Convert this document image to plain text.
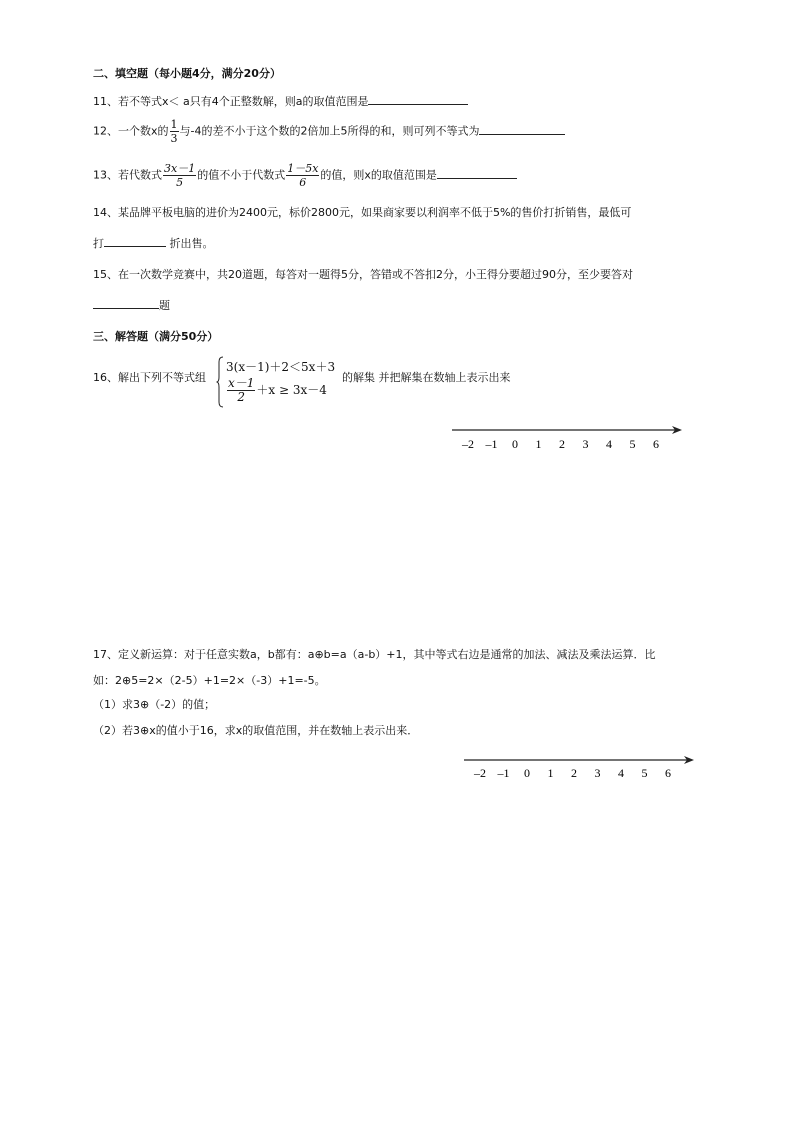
二、填空题（每小题4分，满分20分）
11、若不等式x＜ a只有4个正整数解，则a的取值范围是
12、一个数x的 $\frac{1}{3}$ 与-4的差不小于这个数的2倍加上5所得的和，则可列不等式为
13、若代数式 $\frac{3x-1}{5}$ 的值不小于代数式 $\frac{1-5x}{6}$ 的值，则x的取值范围是
14、某品牌平板电脑的进价为2400元，标价2800元，如果商家要以利润率不低于5%的售价打折销售，最低可
打	折出售。
15、在一次数学竞赛中，共20道题，每答对一题得5分，答错或不答扣2分，小王得分要超过90分，至少要答对
题
三、解答题（满分50分）
16、解出下列不等式组
3(x－1)＋2＜5x＋3
$\frac{x-1}{2} +x \ge 3x-4$
的解集 并把解集在数轴上表示出来
–2 –1 0 1 2 3 4 5 6
17、定义新运算：对于任意实数a，b都有：a⊕b=a（a-b）+1，其中等式右边是通常的加法、减法及乘法运算．比
如：2⊕5=2×（2-5）+1=2×（-3）+1=-5。
（1）求3⊕（-2）的值；
（2）若3⊕x的值小于16，求x的取值范围，并在数轴上表示出来．
–2 –1 0 1 2 3 4 5 6
